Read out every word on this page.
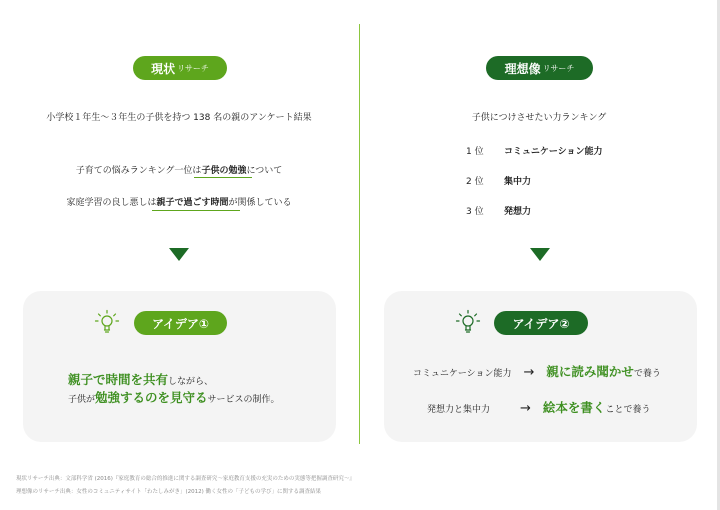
現状 リサーチ
小学校１年生～３年生の子供を持つ 138 名の親のアンケート結果
子育ての悩みランキング一位は子供の勉強について
家庭学習の良し悪しは親子で過ごす時間が関係している
アイデア①
親子で時間を共有 しながら、
子供が 勉強するのを見守る サービスの制作。
理想像 リサーチ
子供につけさせたい力ランキング
1 位	コミュニケーション能力
2 位	集中力
3 位	発想力
アイデア②
コミュニケーション能力 → 親に読み聞かせ で養う
発想力と集中力 → 絵本を書く ことで養う
現状リサーチ出典：文部科学省 (2016)『家庭教育の総合的推進に関する調査研究～家庭教育支援の充実のための実態等把握調査研究～』
理想像のリサーチ出典：女性のコミュニティサイト「わたしみがき」(2012) 働く女性の「子どもの学び」に関する調査結果
